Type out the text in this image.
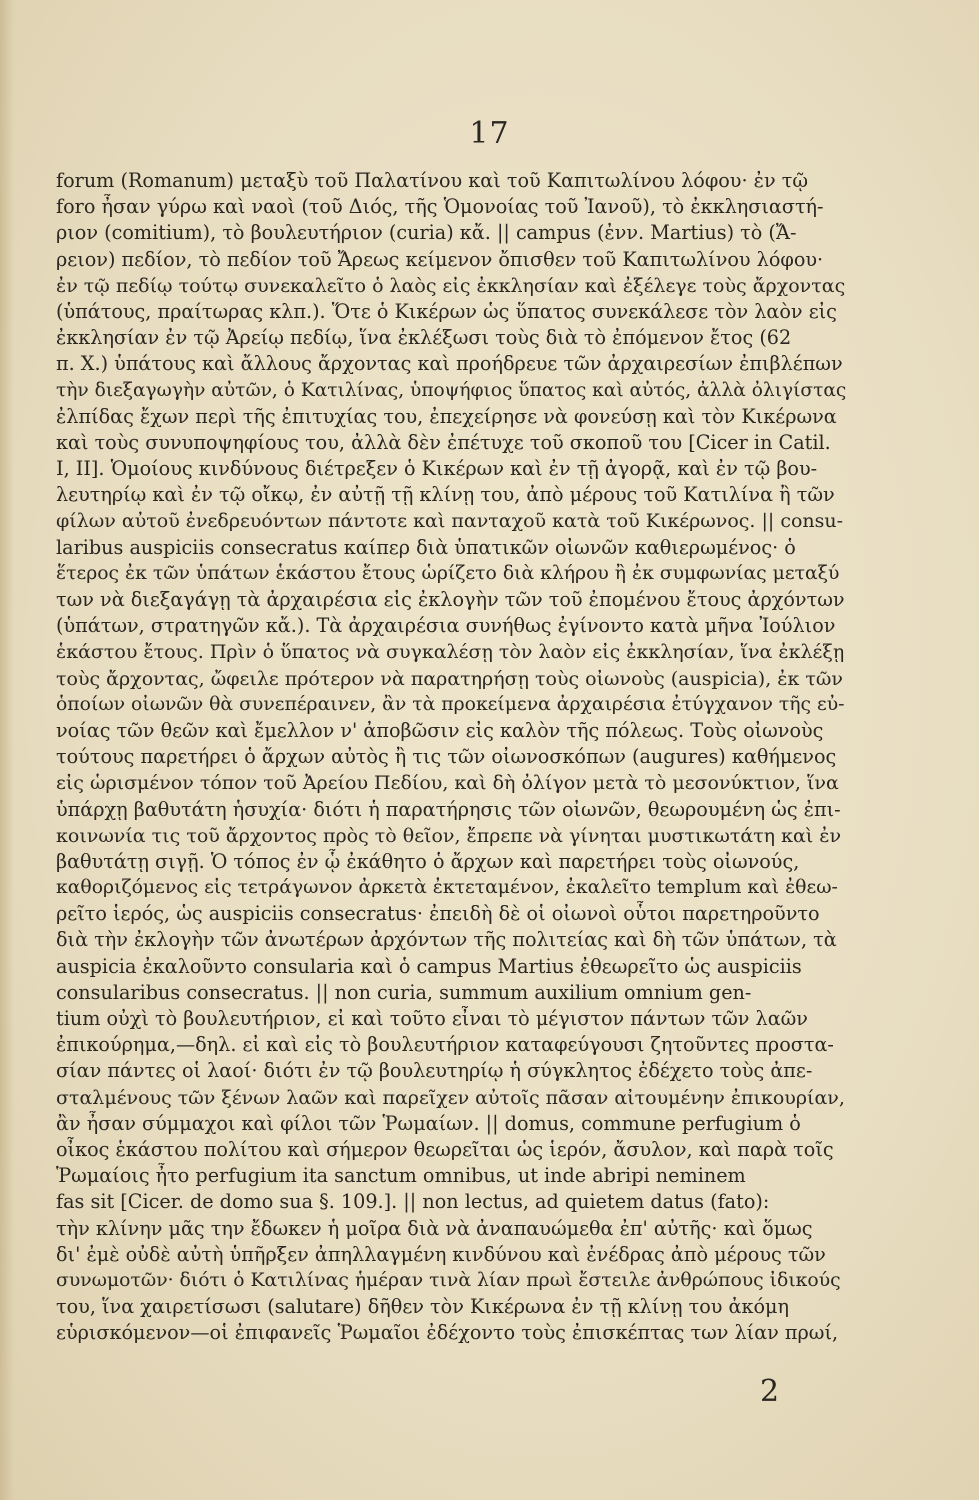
17
forum (Romanum) μεταξὺ τοῦ Παλατίνου καὶ τοῦ Καπιτωλίνου λόφου· ἐν τῷ
foro ἦσαν γύρω καὶ ναοὶ (τοῦ Διός, τῆς Ὁμονοίας τοῦ Ἰανοῦ), τὸ ἐκκλησιαστή-
ριον (comitium), τὸ βουλευτήριον (curia) κἄ. || campus (ἐνν. Martius) τὸ (Ἄ-
ρειον) πεδίον, τὸ πεδίον τοῦ Ἄρεως κείμενον ὄπισθεν τοῦ Καπιτωλίνου λόφου·
ἐν τῷ πεδίῳ τούτῳ συνεκαλεῖτο ὁ λαὸς εἰς ἐκκλησίαν καὶ ἐξέλεγε τοὺς ἄρχοντας
(ὑπάτους, πραίτωρας κλπ.). Ὅτε ὁ Κικέρων ὡς ὕπατος συνεκάλεσε τὸν λαὸν εἰς
ἐκκλησίαν ἐν τῷ Ἀρείῳ πεδίῳ, ἵνα ἐκλέξωσι τοὺς διὰ τὸ ἐπόμενον ἔτος (62
π. Χ.) ὑπάτους καὶ ἄλλους ἄρχοντας καὶ προήδρευε τῶν ἀρχαιρεσίων ἐπιβλέπων
τὴν διεξαγωγὴν αὐτῶν, ὁ Κατιλίνας, ὑποψήφιος ὕπατος καὶ αὐτός, ἀλλὰ ὀλιγίστας
ἐλπίδας ἔχων περὶ τῆς ἐπιτυχίας του, ἐπεχείρησε νὰ φονεύσῃ καὶ τὸν Κικέρωνα
καὶ τοὺς συνυποψηφίους του, ἀλλὰ δὲν ἐπέτυχε τοῦ σκοποῦ του [Cicer in Catil.
I, II]. Ὁμοίους κινδύνους διέτρεξεν ὁ Κικέρων καὶ ἐν τῇ ἀγορᾷ, καὶ ἐν τῷ βου-
λευτηρίῳ καὶ ἐν τῷ οἴκῳ, ἐν αὐτῇ τῇ κλίνῃ του, ἀπὸ μέρους τοῦ Κατιλίνα ἢ τῶν
φίλων αὐτοῦ ἐνεδρευόντων πάντοτε καὶ πανταχοῦ κατὰ τοῦ Κικέρωνος. || consu-
laribus auspiciis consecratus καίπερ διὰ ὑπατικῶν οἰωνῶν καθιερωμένος· ὁ
ἕτερος ἐκ τῶν ὑπάτων ἑκάστου ἔτους ὡρίζετο διὰ κλήρου ἢ ἐκ συμφωνίας μεταξύ
των νὰ διεξαγάγῃ τὰ ἀρχαιρέσια εἰς ἐκλογὴν τῶν τοῦ ἐπομένου ἔτους ἀρχόντων
(ὑπάτων, στρατηγῶν κἄ.). Τὰ ἀρχαιρέσια συνήθως ἐγίνοντο κατὰ μῆνα Ἰούλιον
ἑκάστου ἔτους. Πρὶν ὁ ὕπατος νὰ συγκαλέσῃ τὸν λαὸν εἰς ἐκκλησίαν, ἵνα ἐκλέξῃ
τοὺς ἄρχοντας, ὤφειλε πρότερον νὰ παρατηρήσῃ τοὺς οἰωνοὺς (auspicia), ἐκ τῶν
ὁποίων οἰωνῶν θὰ συνεπέραινεν, ἂν τὰ προκείμενα ἀρχαιρέσια ἐτύγχανον τῆς εὐ-
νοίας τῶν θεῶν καὶ ἔμελλον ν' ἀποβῶσιν εἰς καλὸν τῆς πόλεως. Τοὺς οἰωνοὺς
τούτους παρετήρει ὁ ἄρχων αὐτὸς ἢ τις τῶν οἰωνοσκόπων (augures) καθήμενος
εἰς ὡρισμένον τόπον τοῦ Ἀρείου Πεδίου, καὶ δὴ ὀλίγον μετὰ τὸ μεσονύκτιον, ἵνα
ὑπάρχῃ βαθυτάτη ἡσυχία· διότι ἡ παρατήρησις τῶν οἰωνῶν, θεωρουμένη ὡς ἐπι-
κοινωνία τις τοῦ ἄρχοντος πρὸς τὸ θεῖον, ἔπρεπε νὰ γίνηται μυστικωτάτη καὶ ἐν
βαθυτάτῃ σιγῇ. Ὁ τόπος ἐν ᾧ ἐκάθητο ὁ ἄρχων καὶ παρετήρει τοὺς οἰωνούς,
καθοριζόμενος εἰς τετράγωνον ἀρκετὰ ἐκτεταμένον, ἐκαλεῖτο templum καὶ ἐθεω-
ρεῖτο ἱερός, ὡς auspiciis consecratus· ἐπειδὴ δὲ οἱ οἰωνοὶ οὗτοι παρετηροῦντο
διὰ τὴν ἐκλογὴν τῶν ἀνωτέρων ἀρχόντων τῆς πολιτείας καὶ δὴ τῶν ὑπάτων, τὰ
auspicia ἐκαλοῦντο consularia καὶ ὁ campus Martius ἐθεωρεῖτο ὡς auspiciis
consularibus consecratus. || non curia, summum auxilium omnium gen-
tium οὐχὶ τὸ βουλευτήριον, εἰ καὶ τοῦτο εἶναι τὸ μέγιστον πάντων τῶν λαῶν
ἐπικούρημα,—δηλ. εἰ καὶ εἰς τὸ βουλευτήριον καταφεύγουσι ζητοῦντες προστα-
σίαν πάντες οἱ λαοί· διότι ἐν τῷ βουλευτηρίῳ ἡ σύγκλητος ἐδέχετο τοὺς ἀπε-
σταλμένους τῶν ξένων λαῶν καὶ παρεῖχεν αὐτοῖς πᾶσαν αἰτουμένην ἐπικουρίαν,
ἂν ἦσαν σύμμαχοι καὶ φίλοι τῶν Ῥωμαίων. || domus, commune perfugium ὁ
οἶκος ἑκάστου πολίτου καὶ σήμερον θεωρεῖται ὡς ἱερόν, ἄσυλον, καὶ παρὰ τοῖς
Ῥωμαίοις ἦτο perfugium ita sanctum omnibus, ut inde abripi neminem
fas sit [Cicer. de domo sua §. 109.]. || non lectus, ad quietem datus (fato):
τὴν κλίνην μᾶς την ἔδωκεν ἡ μοῖρα διὰ νὰ ἀναπαυώμεθα ἐπ' αὐτῆς· καὶ ὅμως
δι' ἐμὲ οὐδὲ αὐτὴ ὑπῆρξεν ἀπηλλαγμένη κινδύνου καὶ ἐνέδρας ἀπὸ μέρους τῶν
συνωμοτῶν· διότι ὁ Κατιλίνας ἡμέραν τινὰ λίαν πρωὶ ἔστειλε ἀνθρώπους ἰδικούς
του, ἵνα χαιρετίσωσι (salutare) δῆθεν τὸν Κικέρωνα ἐν τῇ κλίνῃ του ἀκόμη
εὑρισκόμενον—οἱ ἐπιφανεῖς Ῥωμαῖοι ἐδέχοντο τοὺς ἐπισκέπτας των λίαν πρωί,
2
